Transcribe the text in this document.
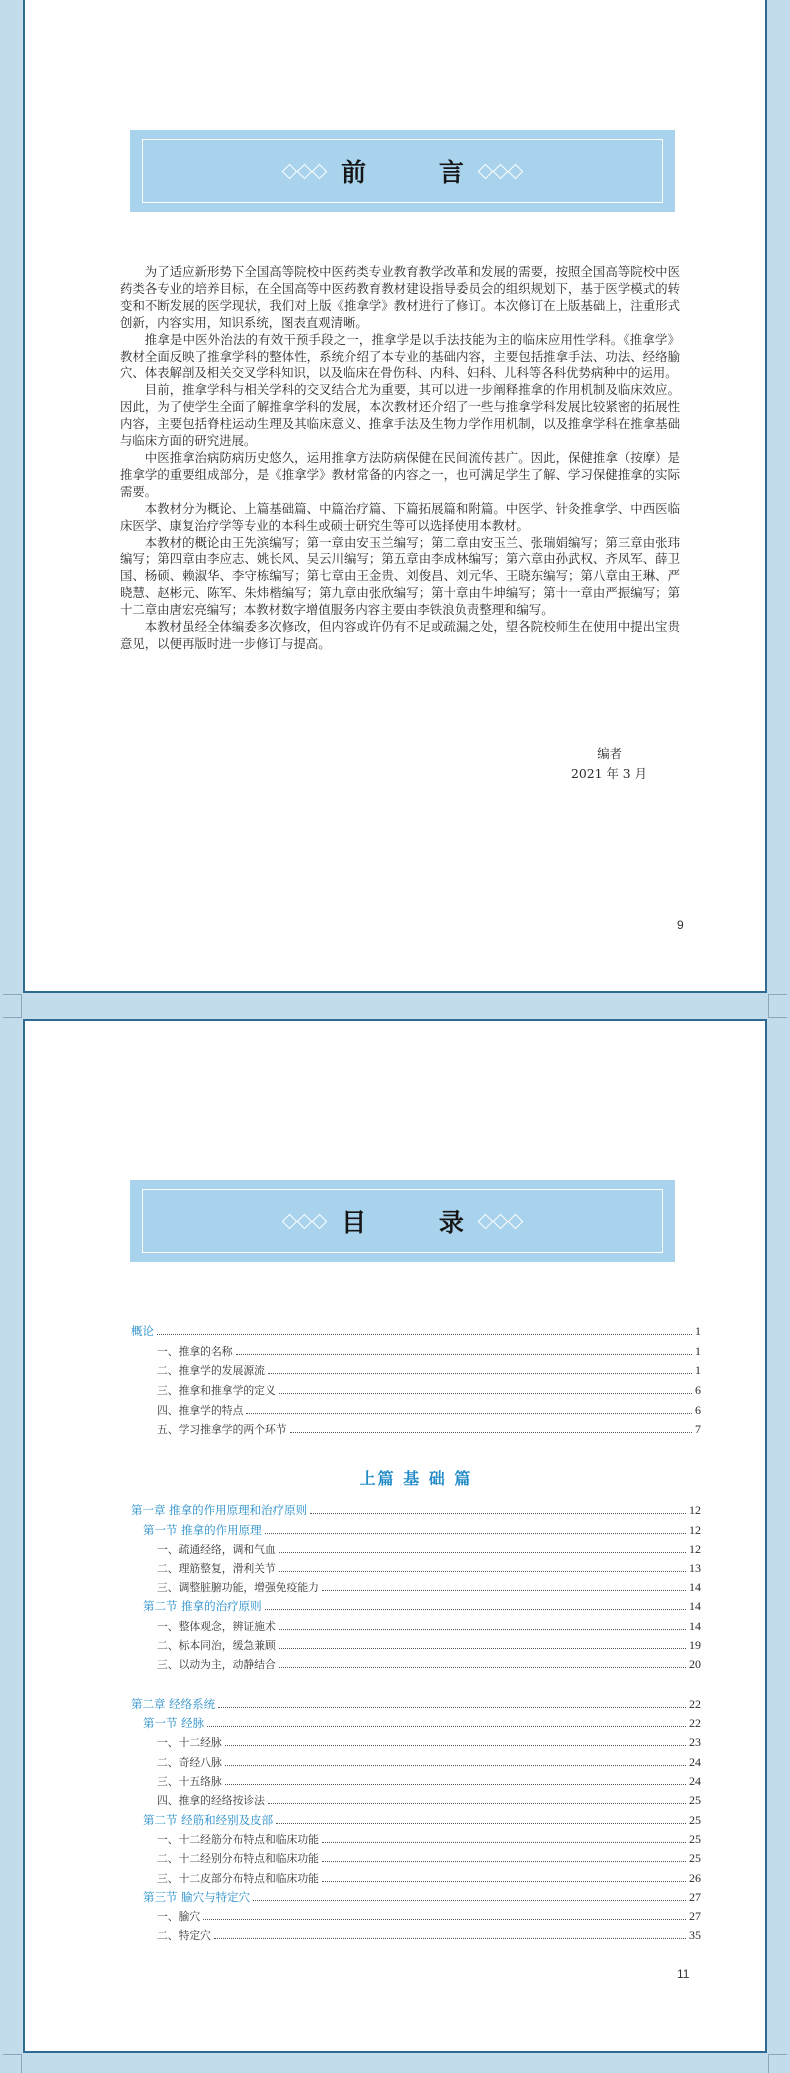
前 言

为了适应新形势下全国高等院校中医药类专业教育教学改革和发展的需要，按照全国高等院校中医药类各专业的培养目标，在全国高等中医药教育教材建设指导委员会的组织规划下，基于医学模式的转变和不断发展的医学现状，我们对上版《推拿学》教材进行了修订。本次修订在上版基础上，注重形式创新，内容实用，知识系统，图表直观清晰。

推拿是中医外治法的有效干预手段之一，推拿学是以手法技能为主的临床应用性学科。《推拿学》教材全面反映了推拿学科的整体性，系统介绍了本专业的基础内容，主要包括推拿手法、功法、经络腧穴、体表解剖及相关交叉学科知识，以及临床在骨伤科、内科、妇科、儿科等各科优势病种中的运用。

目前，推拿学科与相关学科的交叉结合尤为重要，其可以进一步阐释推拿的作用机制及临床效应。因此，为了使学生全面了解推拿学科的发展，本次教材还介绍了一些与推拿学科发展比较紧密的拓展性内容，主要包括脊柱运动生理及其临床意义、推拿手法及生物力学作用机制，以及推拿学科在推拿基础与临床方面的研究进展。

中医推拿治病防病历史悠久，运用推拿方法防病保健在民间流传甚广。因此，保健推拿（按摩）是推拿学的重要组成部分，是《推拿学》教材常备的内容之一，也可满足学生了解、学习保健推拿的实际需要。

本教材分为概论、上篇基础篇、中篇治疗篇、下篇拓展篇和附篇。中医学、针灸推拿学、中西医临床医学、康复治疗学等专业的本科生或硕士研究生等可以选择使用本教材。

本教材的概论由王先滨编写；第一章由安玉兰编写；第二章由安玉兰、张瑞娟编写；第三章由张玮编写；第四章由李应志、姚长风、吴云川编写；第五章由李成林编写；第六章由孙武权、齐凤军、薛卫国、杨硕、赖淑华、李守栋编写；第七章由王金贵、刘俊昌、刘元华、王晓东编写；第八章由王琳、严晓慧、赵彬元、陈军、朱炜楷编写；第九章由张欣编写；第十章由牛坤编写；第十一章由严振编写；第十二章由唐宏亮编写；本教材数字增值服务内容主要由李铁浪负责整理和编写。

本教材虽经全体编委多次修改，但内容或许仍有不足或疏漏之处，望各院校师生在使用中提出宝贵意见，以便再版时进一步修订与提高。

编者
2021 年 3 月
9
目 录
上篇 基 础 篇
概论	1
一、推拿的名称	1
二、推拿学的发展源流	1
三、推拿和推拿学的定义	6
四、推拿学的特点	6
五、学习推拿学的两个环节	7
第一章 推拿的作用原理和治疗原则	12
第一节 推拿的作用原理	12
一、疏通经络，调和气血	12
二、理筋整复，滑利关节	13
三、调整脏腑功能，增强免疫能力	14
第二节 推拿的治疗原则	14
一、整体观念，辨证施术	14
二、标本同治，缓急兼顾	19
三、以动为主，动静结合	20
第二章 经络系统	22
第一节 经脉	22
一、十二经脉	23
二、奇经八脉	24
三、十五络脉	24
四、推拿的经络按诊法	25
第二节 经筋和经别及皮部	25
一、十二经筋分布特点和临床功能	25
二、十二经别分布特点和临床功能	25
三、十二皮部分布特点和临床功能	26
第三节 腧穴与特定穴	27
一、腧穴	27
二、特定穴	35
11
